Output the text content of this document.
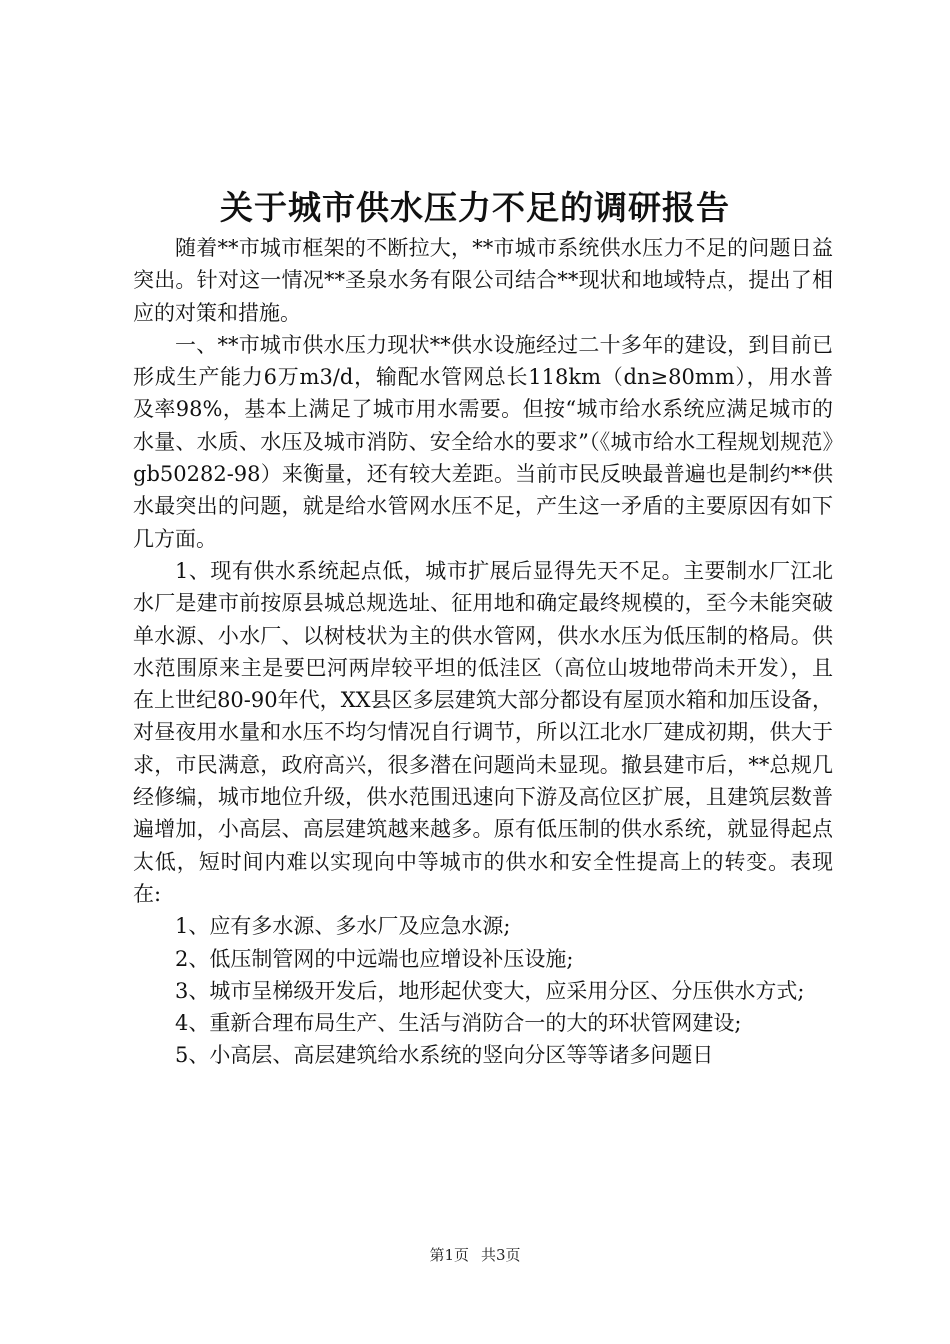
关于城市供水压力不足的调研报告

随着**市城市框架的不断拉大，**市城市系统供水压力不足的问题日益突出。针对这一情况**圣泉水务有限公司结合**现状和地域特点，提出了相应的对策和措施。

一、**市城市供水压力现状**供水设施经过二十多年的建设，到目前已形成生产能力6万m3/d，输配水管网总长118km（dn≥80mm），用水普及率98%，基本上满足了城市用水需要。但按“城市给水系统应满足城市的水量、水质、水压及城市消防、安全给水的要求”（《城市给水工程规划规范》gb50282-98）来衡量，还有较大差距。当前市民反映最普遍也是制约**供水最突出的问题，就是给水管网水压不足，产生这一矛盾的主要原因有如下几方面。

1、现有供水系统起点低，城市扩展后显得先天不足。主要制水厂江北水厂是建市前按原县城总规选址、征用地和确定最终规模的，至今未能突破单水源、小水厂、以树枝状为主的供水管网，供水水压为低压制的格局。供水范围原来主是要巴河两岸较平坦的低洼区（高位山坡地带尚未开发），且在上世纪80-90年代，XX县区多层建筑大部分都设有屋顶水箱和加压设备，对昼夜用水量和水压不均匀情况自行调节，所以江北水厂建成初期，供大于求，市民满意，政府高兴，很多潜在问题尚未显现。撤县建市后，**总规几经修编，城市地位升级，供水范围迅速向下游及高位区扩展，且建筑层数普遍增加，小高层、高层建筑越来越多。原有低压制的供水系统，就显得起点太低，短时间内难以实现向中等城市的供水和安全性提高上的转变。表现在:

1、应有多水源、多水厂及应急水源;

2、低压制管网的中远端也应增设补压设施;

3、城市呈梯级开发后，地形起伏变大，应采用分区、分压供水方式;

4、重新合理布局生产、生活与消防合一的大的环状管网建设;

5、小高层、高层建筑给水系统的竖向分区等等诸多问题日

第1页 共3页
